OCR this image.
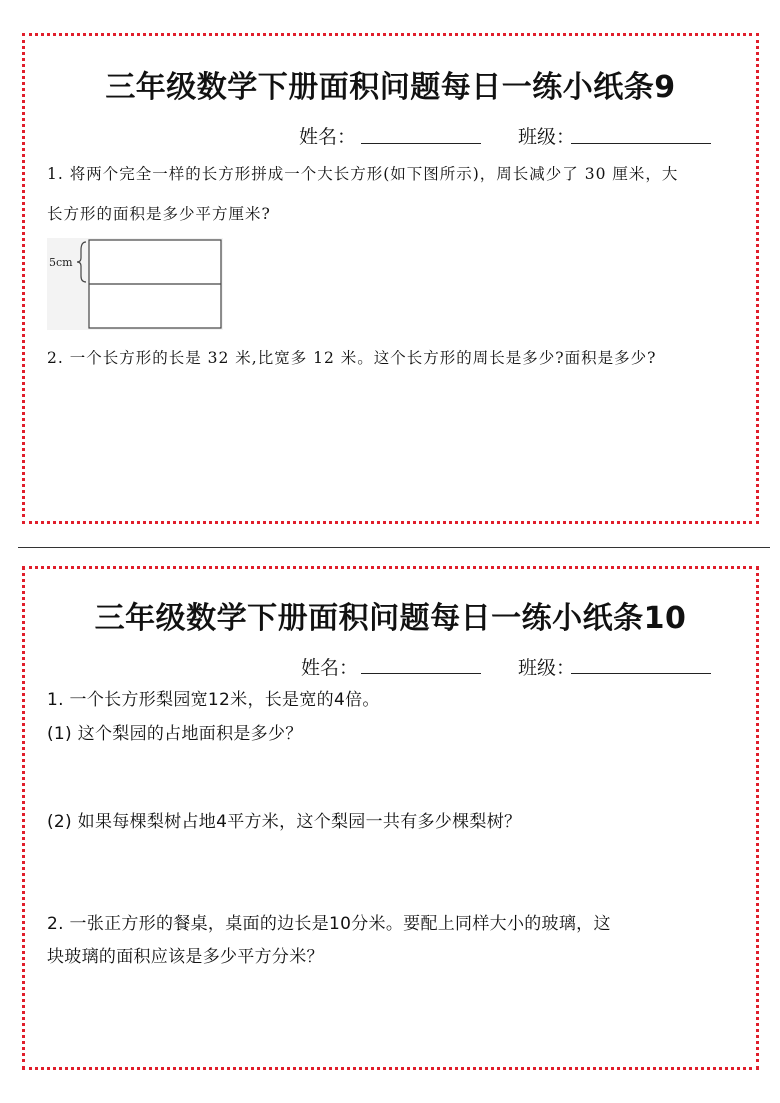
三年级数学下册面积问题每日一练小纸条9
姓名：	班级：
1. 将两个完全一样的长方形拼成一个大长方形(如下图所示)，周长减少了 30 厘米，大
长方形的面积是多少平方厘米?
5cm
2. 一个长方形的长是 32 米,比宽多 12 米。这个长方形的周长是多少?面积是多少?
三年级数学下册面积问题每日一练小纸条10
姓名：	班级：
1. 一个长方形梨园宽12米，长是宽的4倍。
(1) 这个梨园的占地面积是多少？
(2) 如果每棵梨树占地4平方米，这个梨园一共有多少棵梨树？
2. 一张正方形的餐桌，桌面的边长是10分米。要配上同样大小的玻璃，这
块玻璃的面积应该是多少平方分米？
